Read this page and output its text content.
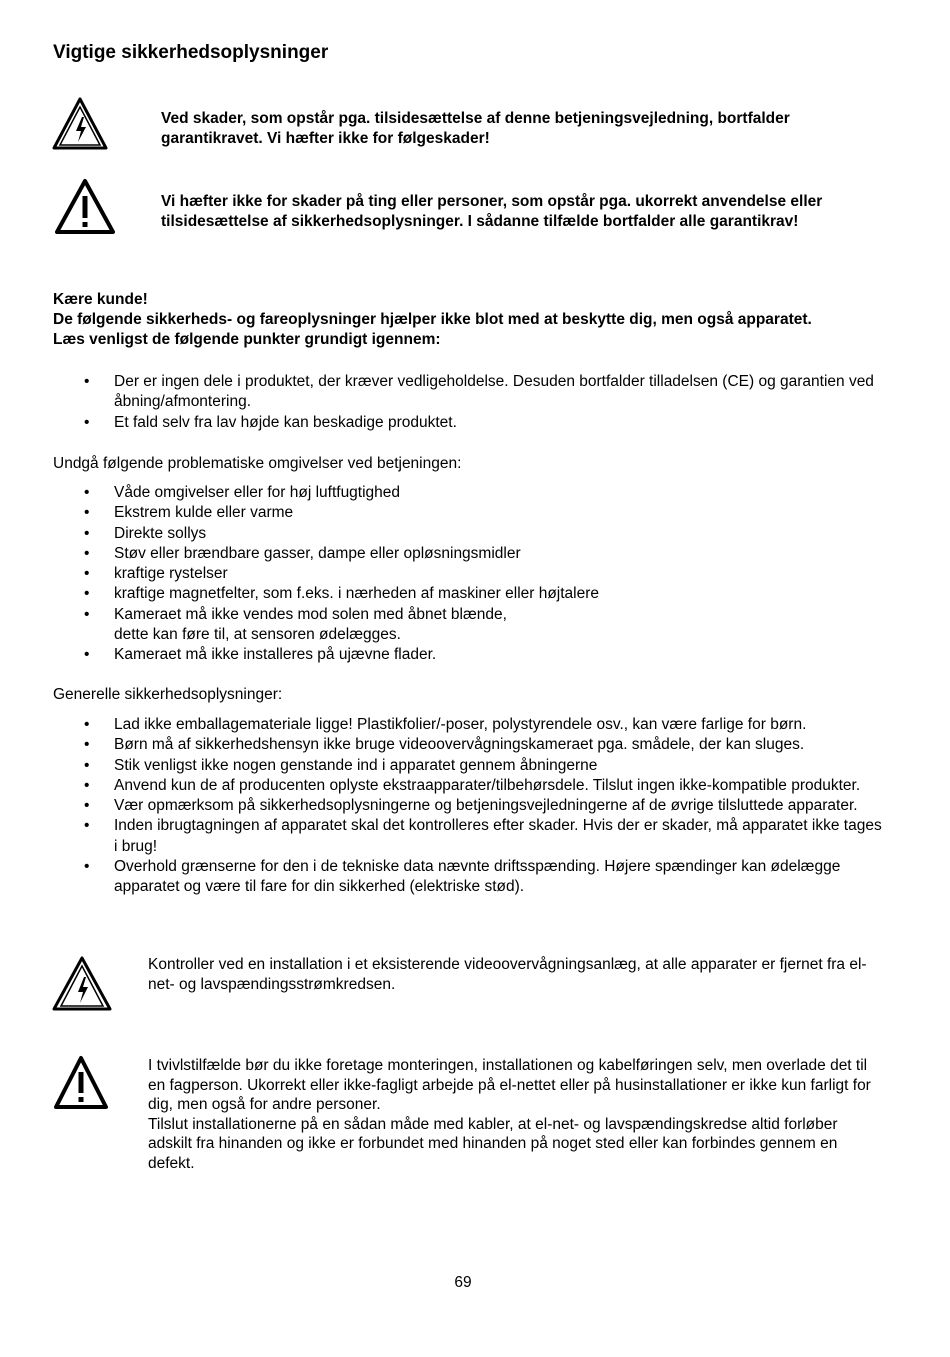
Vigtige sikkerhedsoplysninger
Ved skader, som opstår pga. tilsidesættelse af denne betjeningsvejledning, bortfalder garantikravet. Vi hæfter ikke for følgeskader!
Vi hæfter ikke for skader på ting eller personer, som opstår pga. ukorrekt anvendelse eller tilsidesættelse af sikkerhedsoplysninger. I sådanne tilfælde bortfalder alle garantikrav!
Kære kunde!
De følgende sikkerheds- og fareoplysninger hjælper ikke blot med at beskytte dig, men også apparatet. Læs venligst de følgende punkter grundigt igennem:
• Der er ingen dele i produktet, der kræver vedligeholdelse. Desuden bortfalder tilladelsen (CE) og garantien ved åbning/afmontering.
• Et fald selv fra lav højde kan beskadige produktet.
Undgå følgende problematiske omgivelser ved betjeningen:
• Våde omgivelser eller for høj luftfugtighed
• Ekstrem kulde eller varme
• Direkte sollys
• Støv eller brændbare gasser, dampe eller opløsningsmidler
• kraftige rystelser
• kraftige magnetfelter, som f.eks. i nærheden af maskiner eller højtalere
• Kameraet må ikke vendes mod solen med åbnet blænde,
dette kan føre til, at sensoren ødelægges.
• Kameraet må ikke installeres på ujævne flader.
Generelle sikkerhedsoplysninger:
• Lad ikke emballagemateriale ligge! Plastikfolier/-poser, polystyrendele osv., kan være farlige for børn.
• Børn må af sikkerhedshensyn ikke bruge videoovervågningskameraet pga. smådele, der kan sluges.
• Stik venligst ikke nogen genstande ind i apparatet gennem åbningerne
• Anvend kun de af producenten oplyste ekstraapparater/tilbehørsdele. Tilslut ingen ikke-kompatible produkter.
• Vær opmærksom på sikkerhedsoplysningerne og betjeningsvejledningerne af de øvrige tilsluttede apparater.
• Inden ibrugtagningen af apparatet skal det kontrolleres efter skader. Hvis der er skader, må apparatet ikke tages i brug!
• Overhold grænserne for den i de tekniske data nævnte driftsspænding. Højere spændinger kan ødelægge apparatet og være til fare for din sikkerhed (elektriske stød).
Kontroller ved en installation i et eksisterende videoovervågningsanlæg, at alle apparater er fjernet fra el-net- og lavspændingsstrømkredsen.
I tvivlstilfælde bør du ikke foretage monteringen, installationen og kabelføringen selv, men overlade det til en fagperson. Ukorrekt eller ikke-fagligt arbejde på el-nettet eller på husinstallationer er ikke kun farligt for dig, men også for andre personer.
Tilslut installationerne på en sådan måde med kabler, at el-net- og lavspændingskredse altid forløber adskilt fra hinanden og ikke er forbundet med hinanden på noget sted eller kan forbindes gennem en defekt.
69
